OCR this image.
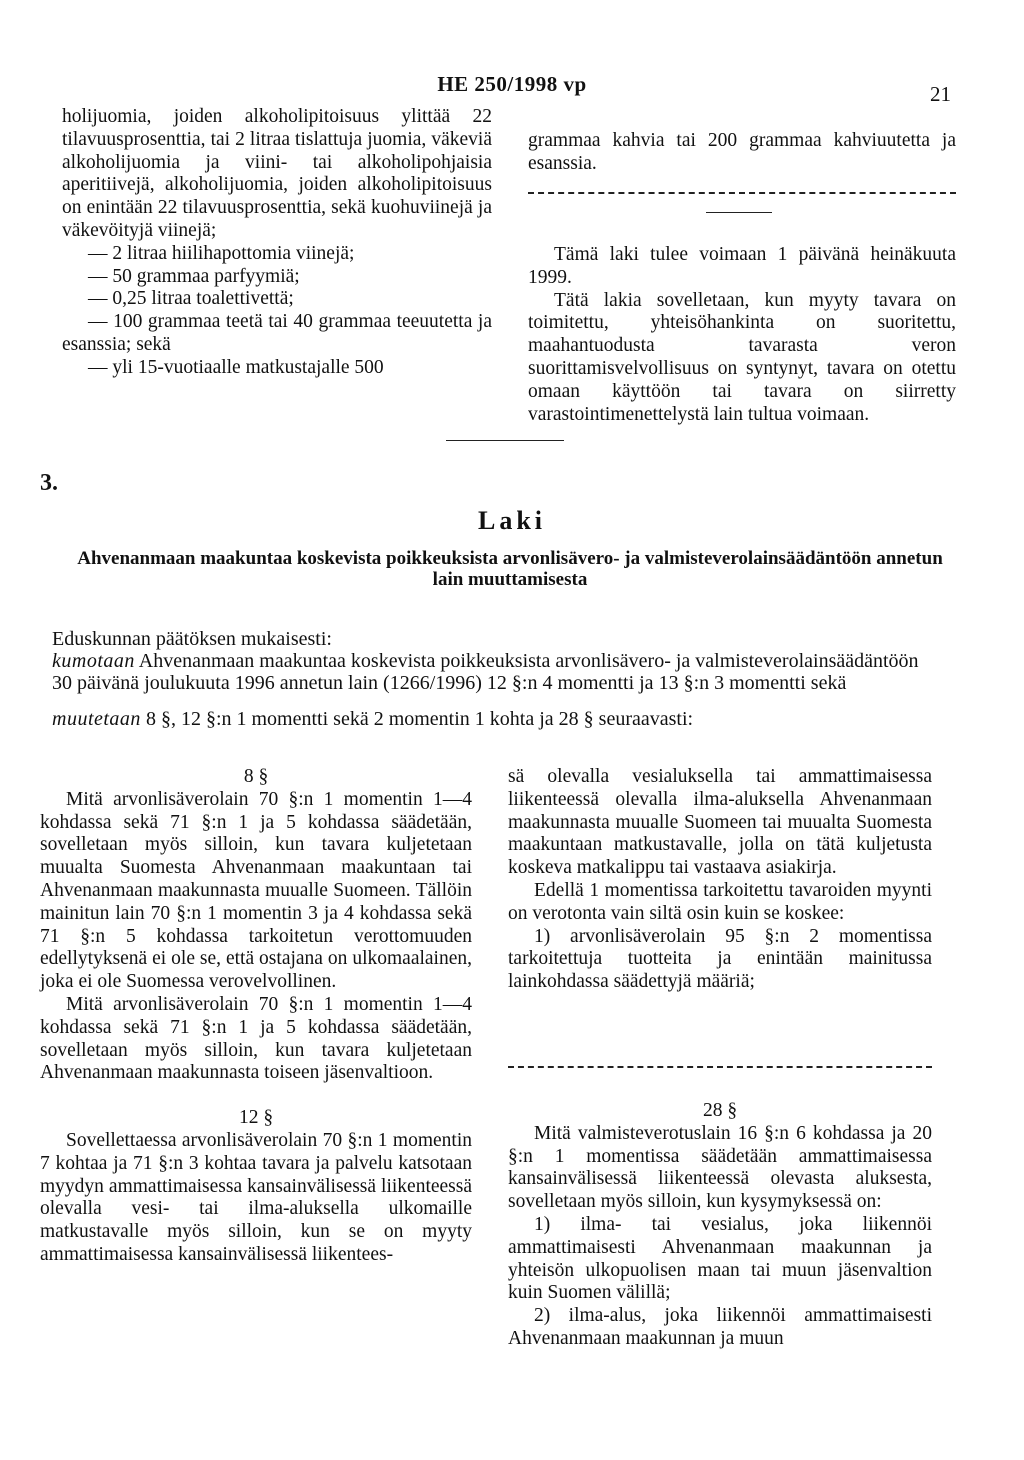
HE 250/1998 vp	21

holijuomia, joiden alkoholipitoisuus ylittää 22 tilavuusprosenttia, tai 2 litraa tislattuja juomia, väkeviä alkoholijuomia ja viini- tai alkoholipohjaisia aperitiivejä, alkoholijuomia, joiden alkoholipitoisuus on enintään 22 tilavuusprosenttia, sekä kuohuviinejä ja väkevöityjä viinejä;

— 2 litraa hiilihapottomia viinejä;

— 50 grammaa parfyymiä;

— 0,25 litraa toalettivettä;

— 100 grammaa teetä tai 40 grammaa teeuutetta ja esanssia; sekä

— yli 15-vuotiaalle matkustajalle 500

grammaa kahvia tai 200 grammaa kahviuutetta ja esanssia.

Tämä laki tulee voimaan 1 päivänä heinäkuuta 1999.

Tätä lakia sovelletaan, kun myyty tavara on toimitettu, yhteisöhankinta on suoritettu, maahantuodusta tavarasta veron suorittamisvelvollisuus on syntynyt, tavara on otettu omaan käyttöön tai tavara on siirretty varastointimenettelystä lain tultua voimaan.

3.
Laki
Ahvenanmaan maakuntaa koskevista poikkeuksista arvonlisävero- ja valmisteverolainsäädäntöön annetun lain muuttamisesta

Eduskunnan päätöksen mukaisesti:

kumotaan Ahvenanmaan maakuntaa koskevista poikkeuksista arvonlisävero- ja valmisteverolainsäädäntöön 30 päivänä joulukuuta 1996 annetun lain (1266/1996) 12 §:n 4 momentti ja 13 §:n 3 momentti sekä

muutetaan 8 §, 12 §:n 1 momentti sekä 2 momentin 1 kohta ja 28 § seuraavasti:

8 §

Mitä arvonlisäverolain 70 §:n 1 momentin 1—4 kohdassa sekä 71 §:n 1 ja 5 kohdassa säädetään, sovelletaan myös silloin, kun tavara kuljetetaan muualta Suomesta Ahvenanmaan maakuntaan tai Ahvenanmaan maakunnasta muualle Suomeen. Tällöin mainitun lain 70 §:n 1 momentin 3 ja 4 kohdassa sekä 71 §:n 5 kohdassa tarkoitetun verottomuuden edellytyksenä ei ole se, että ostajana on ulkomaalainen, joka ei ole Suomessa verovelvollinen.

Mitä arvonlisäverolain 70 §:n 1 momentin 1—4 kohdassa sekä 71 §:n 1 ja 5 kohdassa säädetään, sovelletaan myös silloin, kun tavara kuljetetaan Ahvenanmaan maakunnasta toiseen jäsenvaltioon.

12 §

Sovellettaessa arvonlisäverolain 70 §:n 1 momentin 7 kohtaa ja 71 §:n 3 kohtaa tavara ja palvelu katsotaan myydyn ammattimaisessa kansainvälisessä liikenteessä olevalla vesi- tai ilma-aluksella ulkomaille matkustavalle myös silloin, kun se on myyty ammattimaisessa kansainvälisessä liikentees-

sä olevalla vesialuksella tai ammattimaisessa liikenteessä olevalla ilma-aluksella Ahvenanmaan maakunnasta muualle Suomeen tai muualta Suomesta maakuntaan matkustavalle, jolla on tätä kuljetusta koskeva matkalippu tai vastaava asiakirja.

Edellä 1 momentissa tarkoitettu tavaroiden myynti on verotonta vain siltä osin kuin se koskee:

1) arvonlisäverolain 95 §:n 2 momentissa tarkoitettuja tuotteita ja enintään mainitussa lainkohdassa säädettyjä määriä;

28 §

Mitä valmisteverotuslain 16 §:n 6 kohdassa ja 20 §:n 1 momentissa säädetään ammattimaisessa kansainvälisessä liikenteessä olevasta aluksesta, sovelletaan myös silloin, kun kysymyksessä on:

1) ilma- tai vesialus, joka liikennöi ammattimaisesti Ahvenanmaan maakunnan ja yhteisön ulkopuolisen maan tai muun jäsenvaltion kuin Suomen välillä;

2) ilma-alus, joka liikennöi ammattimaisesti Ahvenanmaan maakunnan ja muun
